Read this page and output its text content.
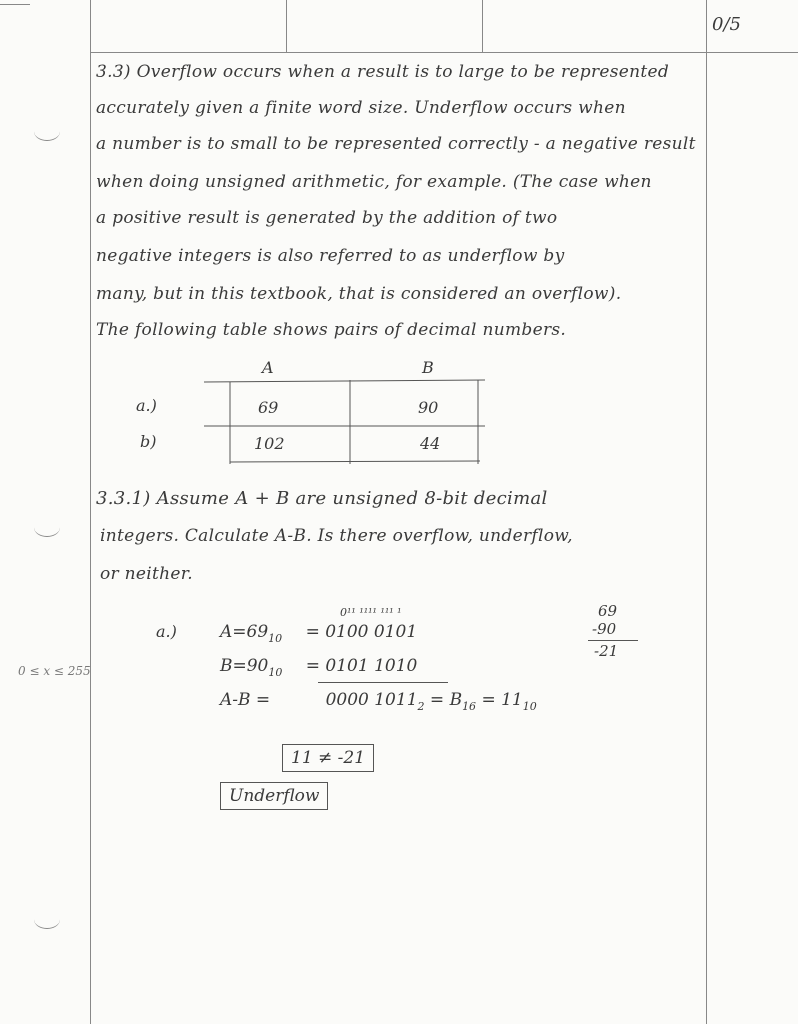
0/5
3.3) Overflow occurs when a result is to large to be represented
accurately given a finite word size. Underflow occurs when
a number is to small to be represented correctly - a negative result
when doing unsigned arithmetic, for example. (The case when
a positive result is generated by the addition of two
negative integers is also referred to as underflow by
many, but in this textbook, that is considered an overflow).
The following table shows pairs of decimal numbers.
a.)
b)
A	B
69	90
102	44
3.3.1) Assume A + B are unsigned 8-bit decimal
integers. Calculate A-B. Is there overflow, underflow,
or neither.
a.)
0¹¹ ¹¹¹¹ ¹¹¹ ¹
$A=69_{10} = 0100$ 0101
$B=90_{10} = 0101$ 1010
A-B =	0000 $1011_2 = B_{16} = 11_{10}$
69
-90
-21
0 ≤ x ≤ 255
11 ≠ -21
Underflow
